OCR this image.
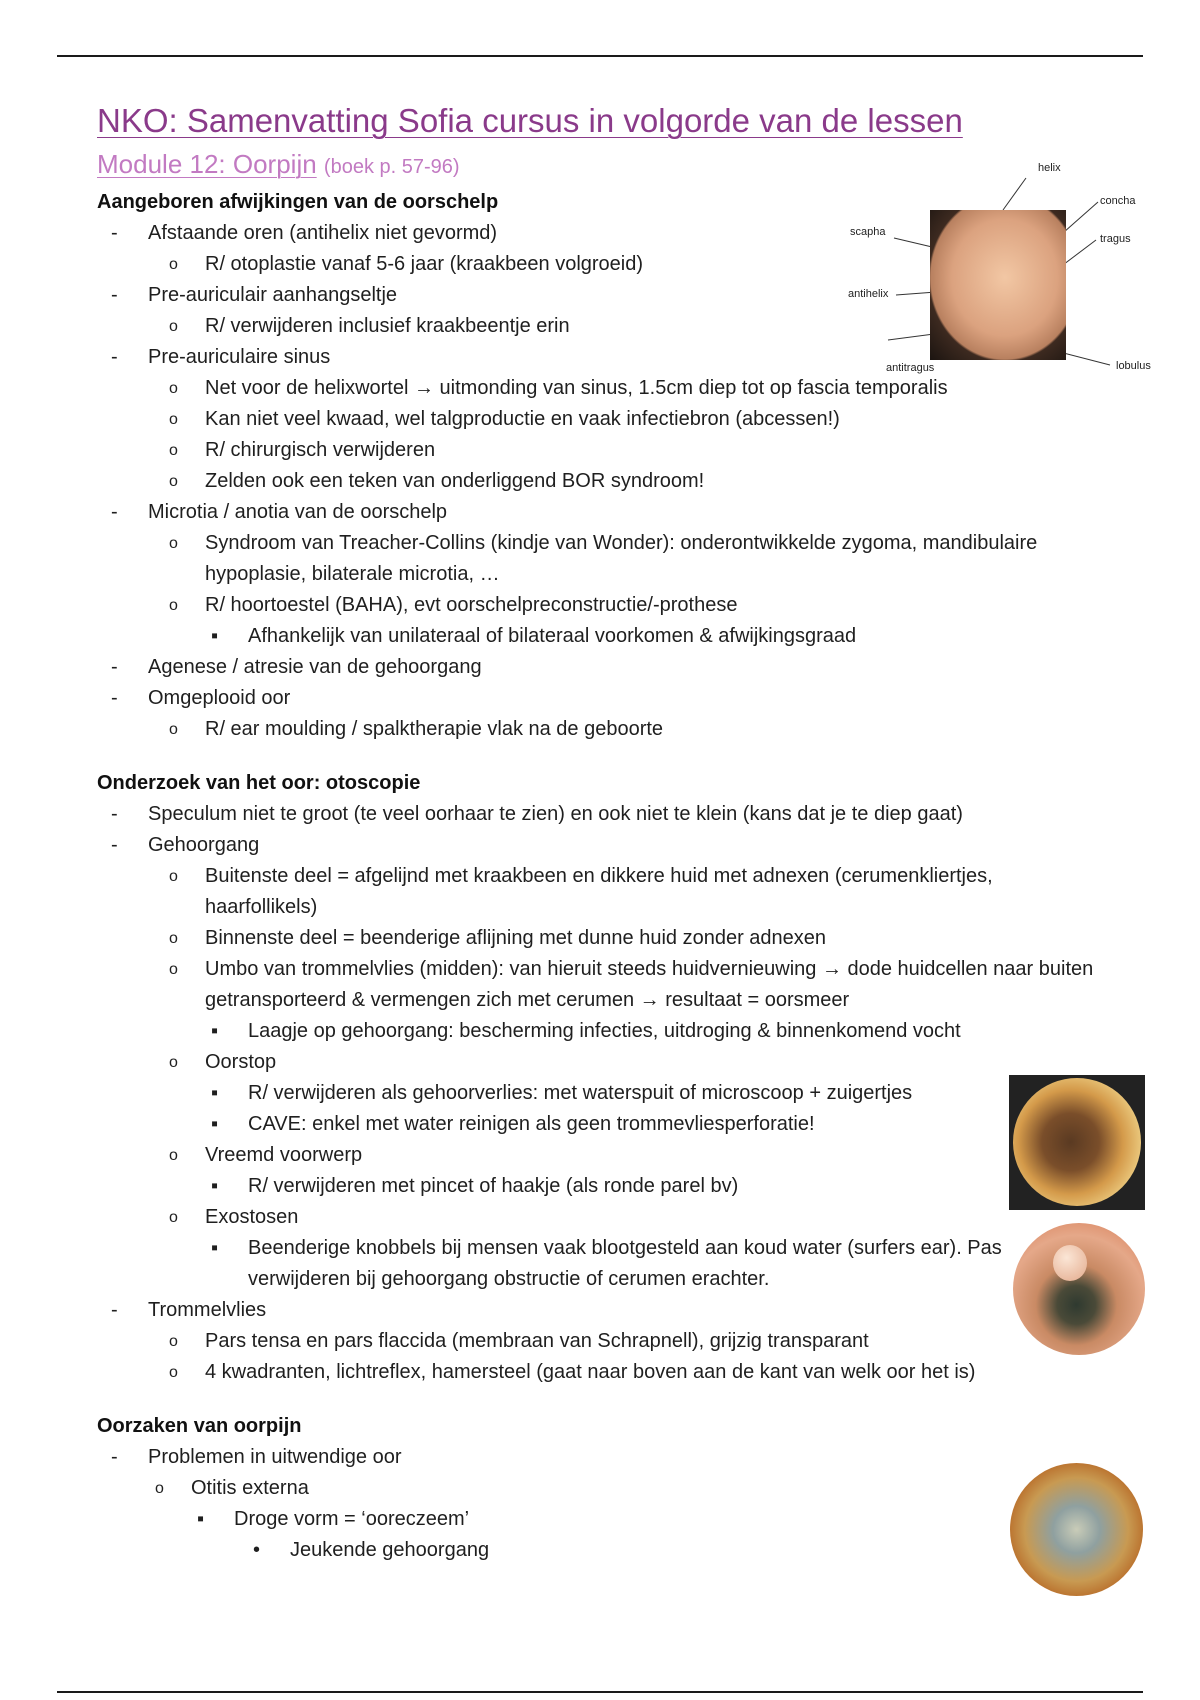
NKO: Samenvatting Sofia cursus in volgorde van de lessen
Module 12: Oorpijn (boek p. 57-96)
Aangeboren afwijkingen van de oorschelp
- Afstaande oren (antihelix niet gevormd)
o R/ otoplastie vanaf 5-6 jaar (kraakbeen volgroeid)
- Pre-auriculair aanhangseltje
o R/ verwijderen inclusief kraakbeentje erin
- Pre-auriculaire sinus
o Net voor de helixwortel → uitmonding van sinus, 1.5cm diep tot op fascia temporalis
o Kan niet veel kwaad, wel talgproductie en vaak infectiebron (abcessen!)
o R/ chirurgisch verwijderen
o Zelden ook een teken van onderliggend BOR syndroom!
- Microtia / anotia van de oorschelp
o Syndroom van Treacher-Collins (kindje van Wonder): onderontwikkelde zygoma, mandibulaire hypoplasie, bilaterale microtia, …
o R/ hoortoestel (BAHA), evt oorschelpreconstructie/-prothese
▪ Afhankelijk van unilateraal of bilateraal voorkomen & afwijkingsgraad
- Agenese / atresie van de gehoorgang
- Omgeplooid oor
o R/ ear moulding / spalktherapie vlak na de geboorte
Onderzoek van het oor: otoscopie
- Speculum niet te groot (te veel oorhaar te zien) en ook niet te klein (kans dat je te diep gaat)
- Gehoorgang
o Buitenste deel = afgelijnd met kraakbeen en dikkere huid met adnexen (cerumenkliertjes, haarfollikels)
o Binnenste deel = beenderige aflijning met dunne huid zonder adnexen
o Umbo van trommelvlies (midden): van hieruit steeds huidvernieuwing → dode huidcellen naar buiten getransporteerd & vermengen zich met cerumen → resultaat = oorsmeer
▪ Laagje op gehoorgang: bescherming infecties, uitdroging & binnenkomend vocht
o Oorstop
▪ R/ verwijderen als gehoorverlies: met waterspuit of microscoop + zuigertjes
▪ CAVE: enkel met water reinigen als geen trommevliesperforatie!
o Vreemd voorwerp
▪ R/ verwijderen met pincet of haakje (als ronde parel bv)
o Exostosen
▪ Beenderige knobbels bij mensen vaak blootgesteld aan koud water (surfers ear). Pas verwijderen bij gehoorgang obstructie of cerumen erachter.
- Trommelvlies
o Pars tensa en pars flaccida (membraan van Schrapnell), grijzig transparant
o 4 kwadranten, lichtreflex, hamersteel (gaat naar boven aan de kant van welk oor het is)
Oorzaken van oorpijn
- Problemen in uitwendige oor
o Otitis externa
▪ Droge vorm = ‘ooreczeem’
• Jeukende gehoorgang
helix
concha
scapha
tragus
antihelix
antitragus	lobulus
